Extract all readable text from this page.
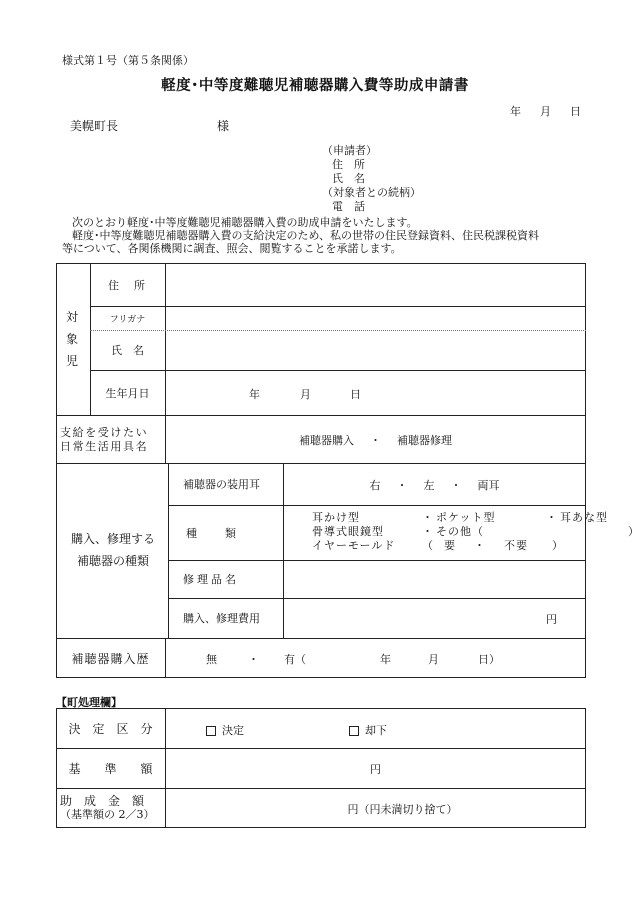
様式第１号（第５条関係）
軽度･中等度難聴児補聴器購入費等助成申請書
年 月 日
美幌町長	様
（申請者）
住　所
氏　名
（対象者との続柄）
電　話
次のとおり軽度･中等度難聴児補聴器購入費の助成申請をいたします。
軽度･中等度難聴児補聴器購入費の支給決定のため、私の世帯の住民登録資料、住民税課税資料
等について、各関係機関に調査、照会、閲覧することを承諾します。
対象児
住　所
フリガナ
氏　名
生年月日	年	月	日
支給を受けたい
日常生活用具名	補聴器購入 ・ 補聴器修理
購入、修理する
補聴器の種類
補聴器の装用耳	右 ・ 左 ・ 両耳
種　　類
耳かけ型	・ ポケット型	・ 耳あな型
骨導式眼鏡型	・ その他（	）
イヤーモールド	（ 要	・	不要	）
修理品名
購入、修理費用	円
補聴器購入歴	無	・ 有（	年	月	日）
【町処理欄】
決　定　区　分	決定	却下
基　　準　　額	円
助　成　金　額
（基準額の 2／3）	円（円未満切り捨て）
